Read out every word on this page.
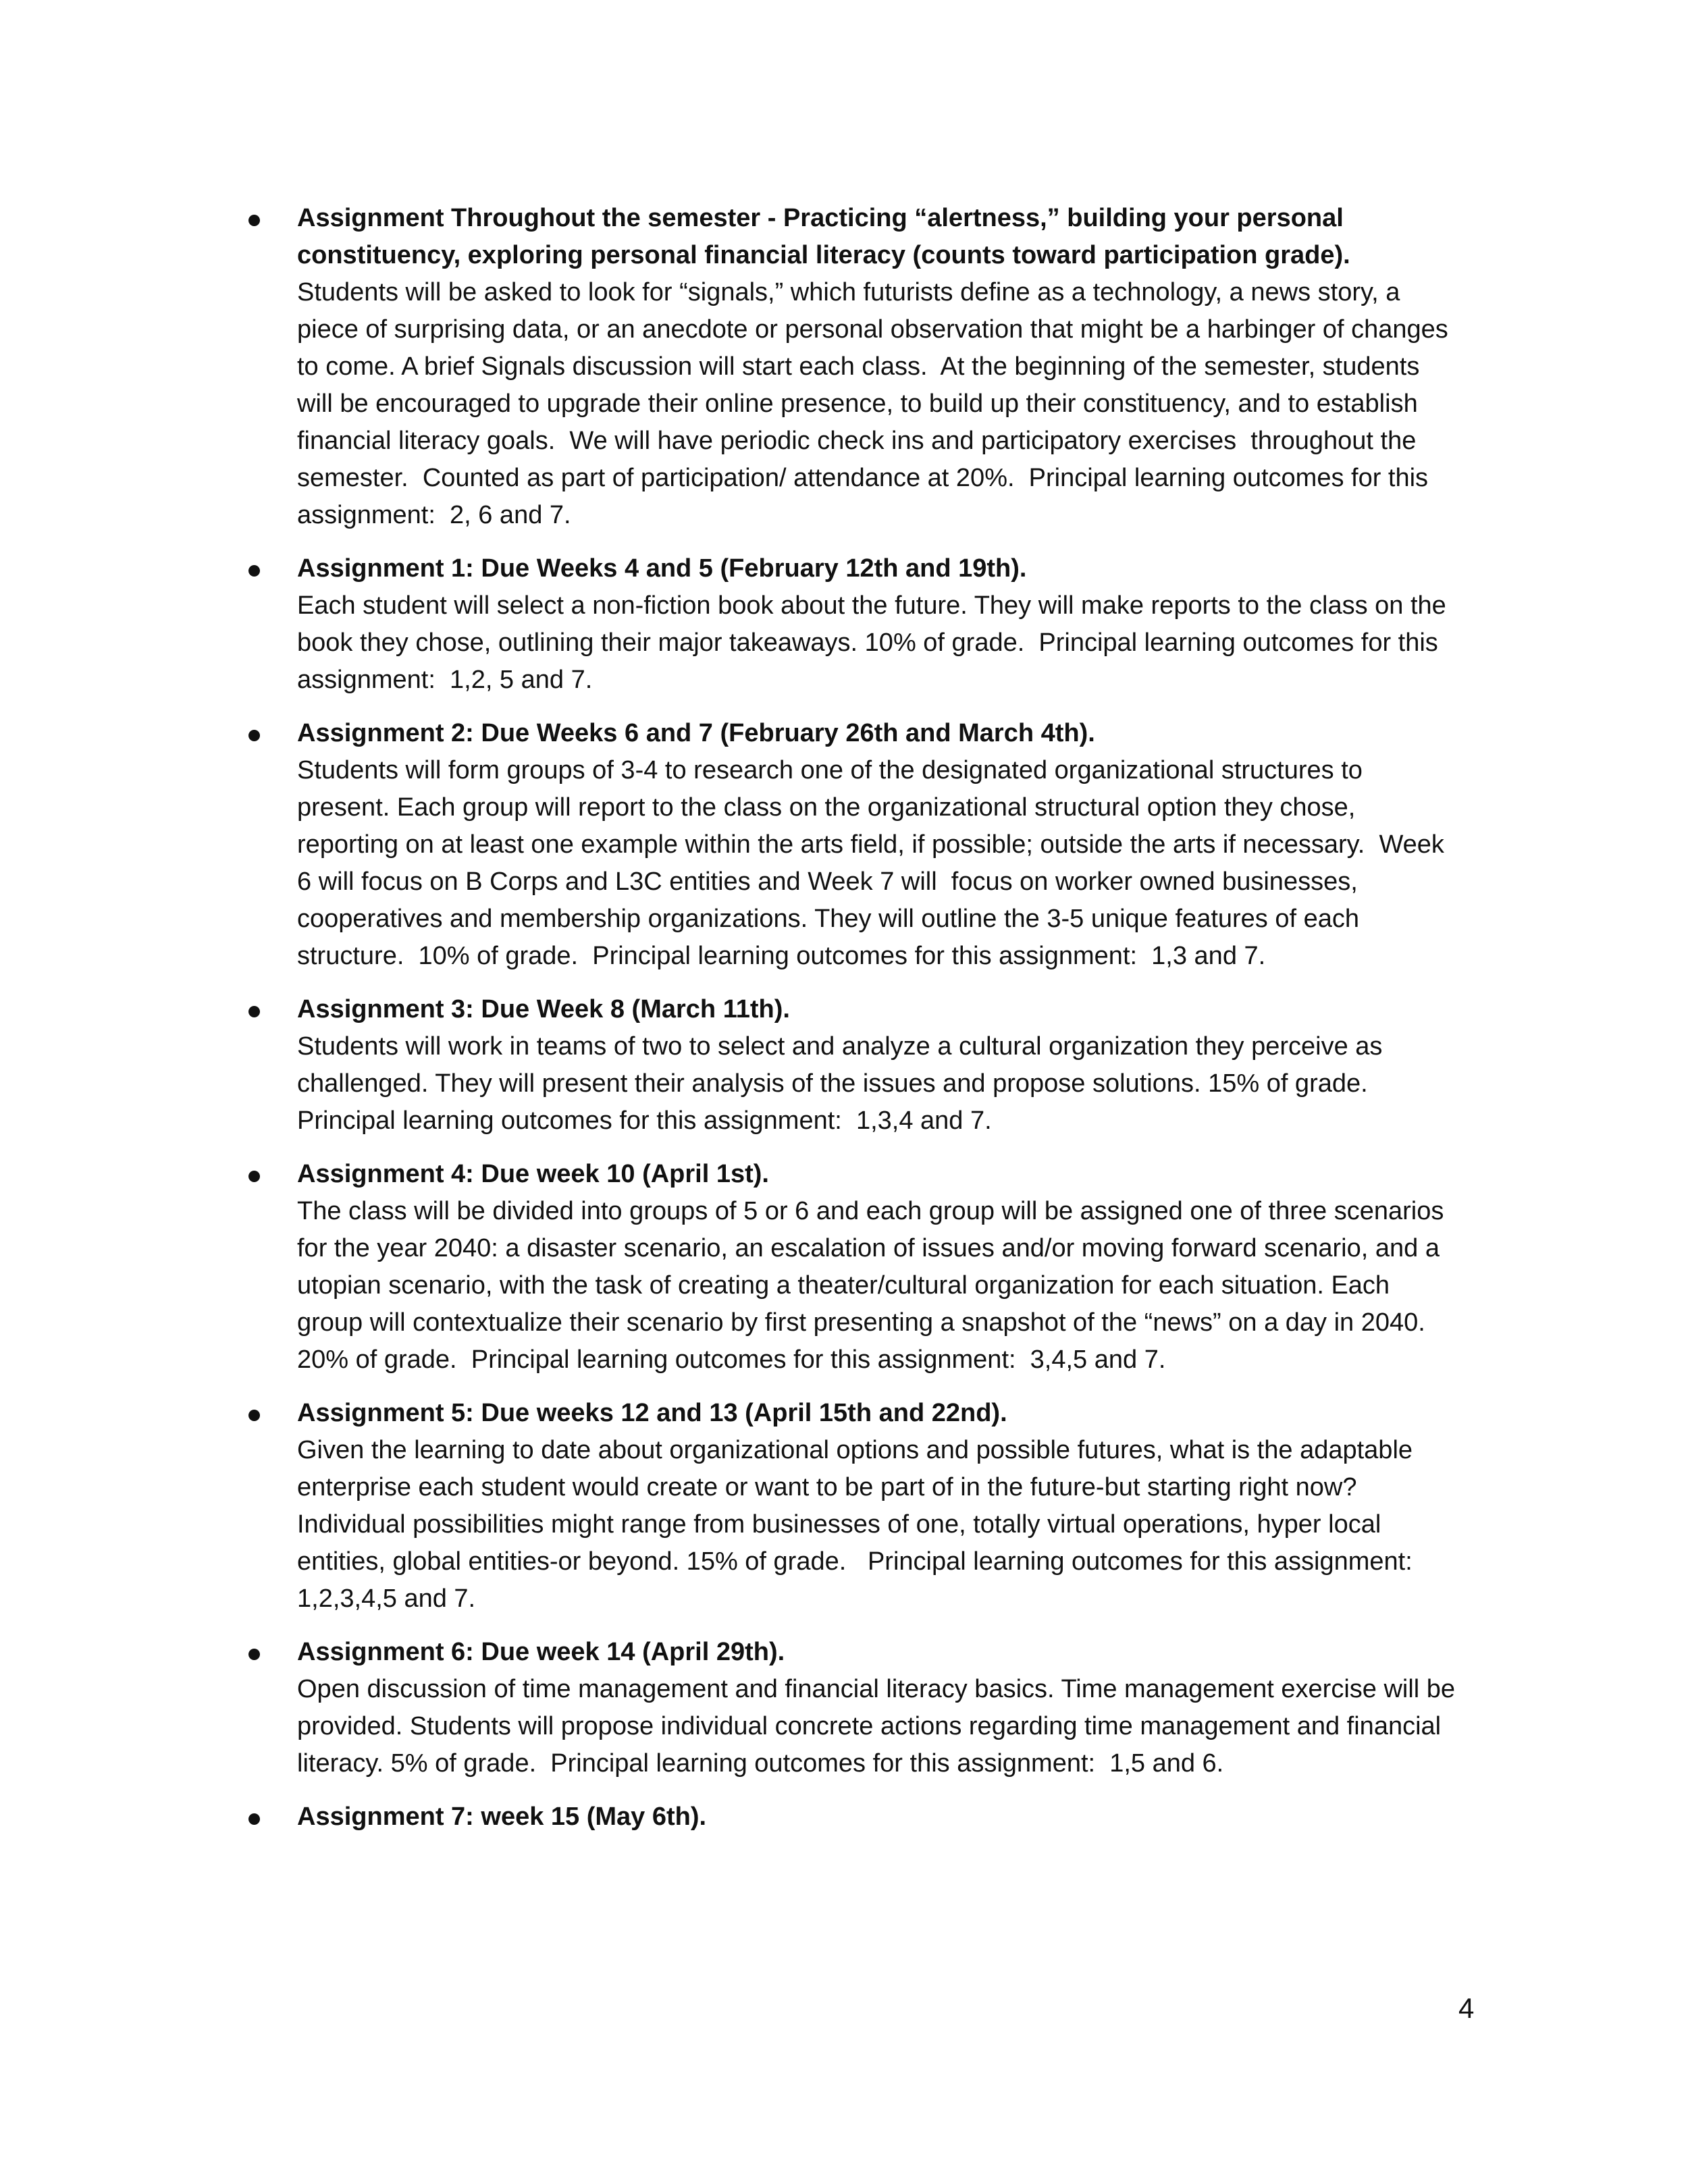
Assignment Throughout the semester - Practicing “alertness,” building your personal constituency, exploring personal financial literacy (counts toward participation grade).
Students will be asked to look for “signals,” which futurists define as a technology, a news story, a piece of surprising data, or an anecdote or personal observation that might be a harbinger of changes to come. A brief Signals discussion will start each class.  At the beginning of the semester, students will be encouraged to upgrade their online presence, to build up their constituency, and to establish financial literacy goals.  We will have periodic check ins and participatory exercises  throughout the semester.  Counted as part of participation/ attendance at 20%.  Principal learning outcomes for this assignment:  2, 6 and 7.
Assignment 1: Due Weeks 4 and 5 (February 12th and 19th).
Each student will select a non-fiction book about the future. They will make reports to the class on the book they chose, outlining their major takeaways. 10% of grade.  Principal learning outcomes for this assignment:  1,2, 5 and 7.
Assignment 2: Due Weeks 6 and 7 (February 26th and March 4th).
Students will form groups of 3-4 to research one of the designated organizational structures to present. Each group will report to the class on the organizational structural option they chose, reporting on at least one example within the arts field, if possible; outside the arts if necessary.  Week 6 will focus on B Corps and L3C entities and Week 7 will  focus on worker owned businesses, cooperatives and membership organizations. They will outline the 3-5 unique features of each structure.  10% of grade.  Principal learning outcomes for this assignment:  1,3 and 7.
Assignment 3: Due Week 8 (March 11th).
Students will work in teams of two to select and analyze a cultural organization they perceive as challenged. They will present their analysis of the issues and propose solutions. 15% of grade.  Principal learning outcomes for this assignment:  1,3,4 and 7.
Assignment 4: Due week 10 (April 1st).
The class will be divided into groups of 5 or 6 and each group will be assigned one of three scenarios for the year 2040: a disaster scenario, an escalation of issues and/or moving forward scenario, and a utopian scenario, with the task of creating a theater/cultural organization for each situation. Each group will contextualize their scenario by first presenting a snapshot of the “news” on a day in 2040. 20% of grade.  Principal learning outcomes for this assignment:  3,4,5 and 7.
Assignment 5: Due weeks 12 and 13 (April 15th and 22nd).
Given the learning to date about organizational options and possible futures, what is the adaptable enterprise each student would create or want to be part of in the future-but starting right now? Individual possibilities might range from businesses of one, totally virtual operations, hyper local entities, global entities-or beyond. 15% of grade.   Principal learning outcomes for this assignment:  1,2,3,4,5 and 7.
Assignment 6: Due week 14 (April 29th).
Open discussion of time management and financial literacy basics. Time management exercise will be provided. Students will propose individual concrete actions regarding time management and financial literacy. 5% of grade.  Principal learning outcomes for this assignment:  1,5 and 6.
Assignment 7: week 15 (May 6th).
4
